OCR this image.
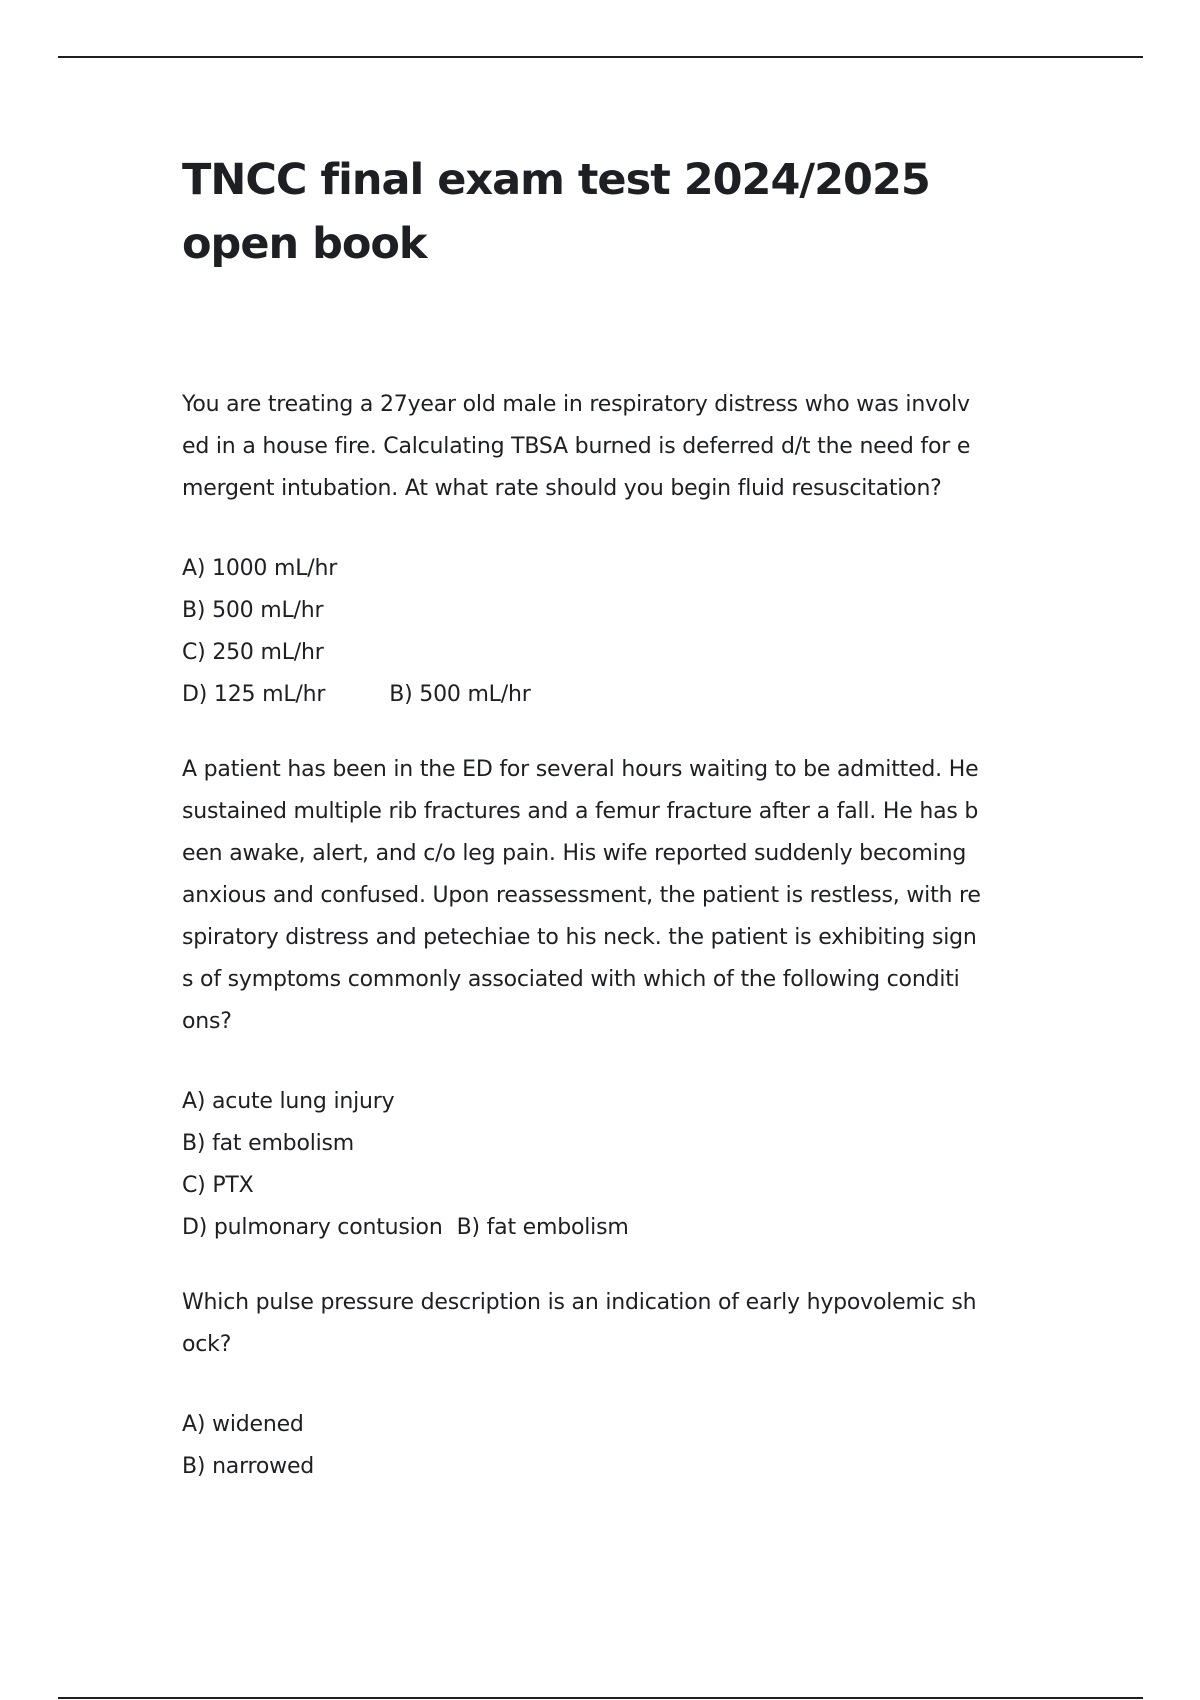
TNCC final exam test 2024/2025 open book

You are treating a 27year old male in respiratory distress who was involv
ed in a house fire. Calculating TBSA burned is deferred d/t the need for e
mergent intubation. At what rate should you begin fluid resuscitation?

A) 1000 mL/hr
B) 500 mL/hr
C) 250 mL/hr
D) 125 mL/hr	B) 500 mL/hr

A patient has been in the ED for several hours waiting to be admitted. He
sustained multiple rib fractures and a femur fracture after a fall. He has b
een awake, alert, and c/o leg pain. His wife reported suddenly becoming
anxious and confused. Upon reassessment, the patient is restless, with re
spiratory distress and petechiae to his neck. the patient is exhibiting sign
s of symptoms commonly associated with which of the following conditi
ons?

A) acute lung injury
B) fat embolism
C) PTX
D) pulmonary contusion B) fat embolism

Which pulse pressure description is an indication of early hypovolemic sh
ock?

A) widened
B) narrowed
